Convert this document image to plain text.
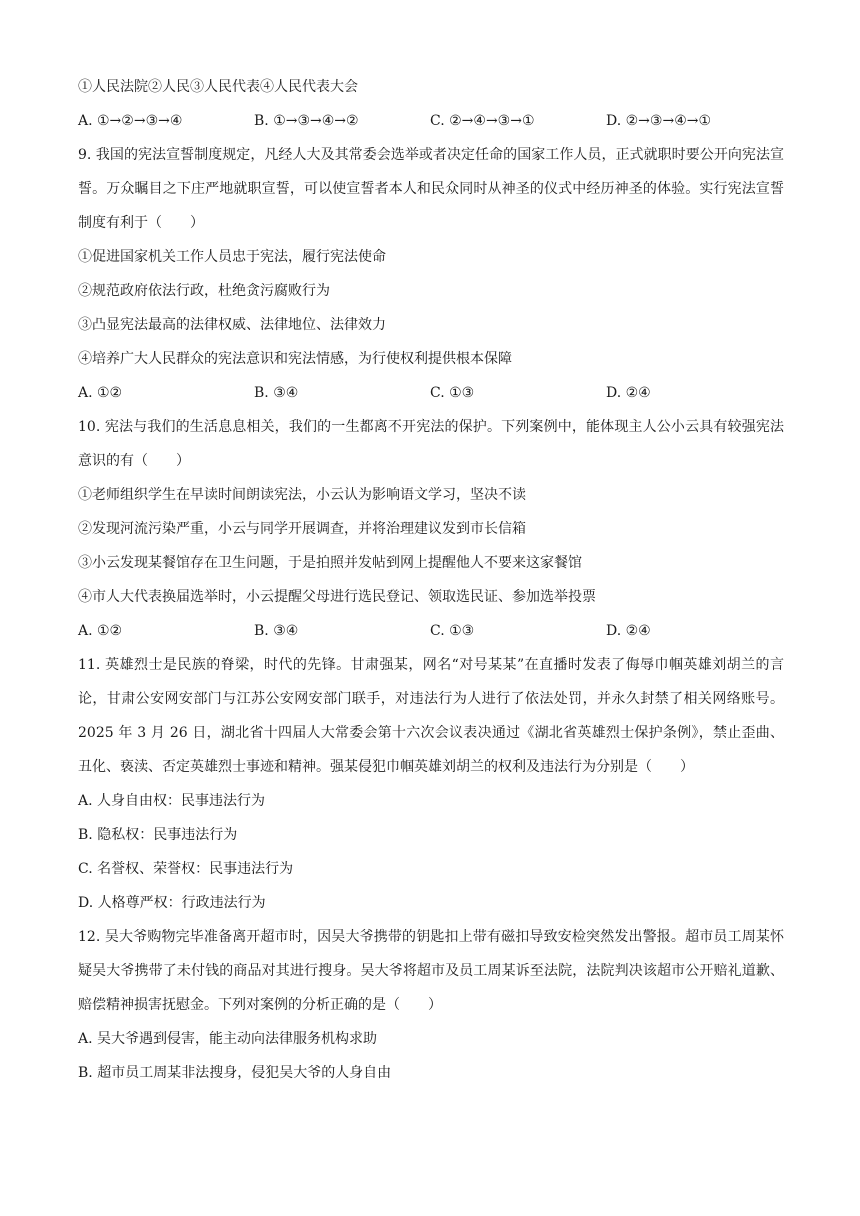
①人民法院②人民③人民代表④人民代表大会

A. ①→②→③→④	B. ①→③→④→②	C. ②→④→③→①	D. ②→③→④→①

9. 我国的宪法宣誓制度规定，凡经人大及其常委会选举或者决定任命的国家工作人员，正式就职时要公开向宪法宣誓。万众瞩目之下庄严地就职宣誓，可以使宣誓者本人和民众同时从神圣的仪式中经历神圣的体验。实行宪法宣誓制度有利于（　　）

①促进国家机关工作人员忠于宪法，履行宪法使命

②规范政府依法行政，杜绝贪污腐败行为

③凸显宪法最高的法律权威、法律地位、法律效力

④培养广大人民群众的宪法意识和宪法情感，为行使权利提供根本保障

A. ①②	B. ③④	C. ①③	D. ②④

10. 宪法与我们的生活息息相关，我们的一生都离不开宪法的保护。下列案例中，能体现主人公小云具有较强宪法意识的有（　　）

①老师组织学生在早读时间朗读宪法，小云认为影响语文学习，坚决不读

②发现河流污染严重，小云与同学开展调查，并将治理建议发到市长信箱

③小云发现某餐馆存在卫生问题，于是拍照并发帖到网上提醒他人不要来这家餐馆

④市人大代表换届选举时，小云提醒父母进行选民登记、领取选民证、参加选举投票

A. ①②	B. ③④	C. ①③	D. ②④

11. 英雄烈士是民族的脊梁，时代的先锋。甘肃强某，网名“对号某某”在直播时发表了侮辱巾帼英雄刘胡兰的言论，甘肃公安网安部门与江苏公安网安部门联手，对违法行为人进行了依法处罚，并永久封禁了相关网络账号。2025 年 3 月 26 日，湖北省十四届人大常委会第十六次会议表决通过《湖北省英雄烈士保护条例》，禁止歪曲、丑化、亵渎、否定英雄烈士事迹和精神。强某侵犯巾帼英雄刘胡兰的权利及违法行为分别是（　　）

A. 人身自由权：民事违法行为

B. 隐私权：民事违法行为

C. 名誉权、荣誉权：民事违法行为

D. 人格尊严权：行政违法行为

12. 吴大爷购物完毕准备离开超市时，因吴大爷携带的钥匙扣上带有磁扣导致安检突然发出警报。超市员工周某怀疑吴大爷携带了未付钱的商品对其进行搜身。吴大爷将超市及员工周某诉至法院，法院判决该超市公开赔礼道歉、赔偿精神损害抚慰金。下列对案例的分析正确的是（　　）

A. 吴大爷遇到侵害，能主动向法律服务机构求助

B. 超市员工周某非法搜身，侵犯吴大爷的人身自由
